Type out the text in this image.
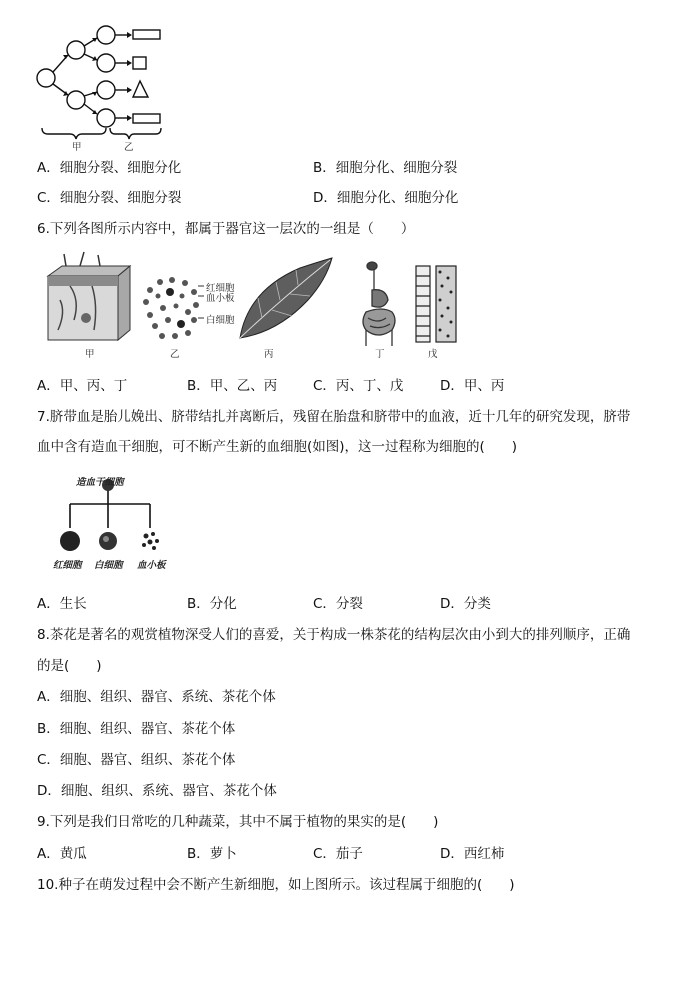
甲	乙
A．细胞分裂、细胞分化	B．细胞分化、细胞分裂
C．细胞分裂、细胞分裂	D．细胞分化、细胞分化
6.下列各图所示内容中，都属于器官这一层次的一组是（　　）
红细胞
血小板
白细胞
甲	乙	丙	丁	戊
A．甲、丙、丁	B．甲、乙、丙	C．丙、丁、戊	D．甲、丙
7.脐带血是胎儿娩出、脐带结扎并离断后，残留在胎盘和脐带中的血液，近十几年的研究发现，脐带
血中含有造血干细胞，可不断产生新的血细胞(如图)，这一过程称为细胞的(　　)
造血干细胞
红细胞 白细胞 血小板
A．生长	B．分化	C．分裂	D．分类
8.茶花是著名的观赏植物深受人们的喜爱，关于构成一株茶花的结构层次由小到大的排列顺序，正确
的是(　　)
A．细胞、组织、器官、系统、茶花个体
B．细胞、组织、器官、茶花个体
C．细胞、器官、组织、茶花个体
D．细胞、组织、系统、器官、茶花个体
9.下列是我们日常吃的几种蔬菜，其中不属于植物的果实的是(　　)
A．黄瓜	B．萝卜	C．茄子	D．西红柿
10.种子在萌发过程中会不断产生新细胞，如上图所示。该过程属于细胞的(　　)
